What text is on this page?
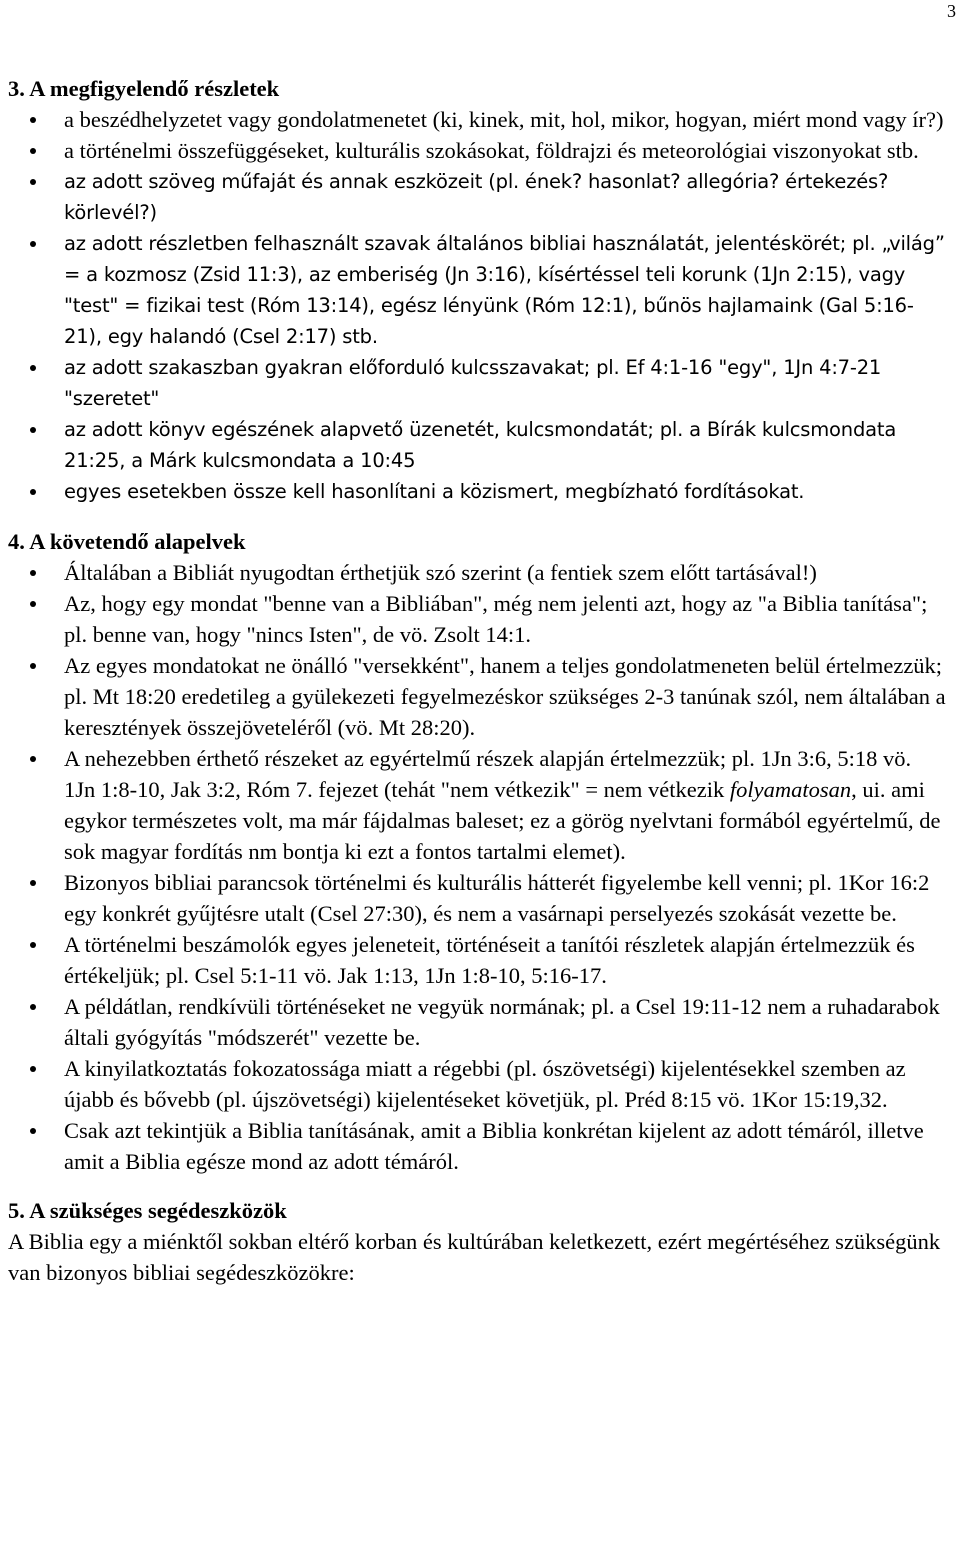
3
3. A megfigyelendő részletek
a beszédhelyzetet vagy gondolatmenetet (ki, kinek, mit, hol, mikor, hogyan, miért mond vagy ír?)
a történelmi összefüggéseket, kulturális szokásokat, földrajzi és meteorológiai viszonyokat stb.
az adott szöveg műfaját és annak eszközeit (pl. ének? hasonlat? allegória? értekezés? körlevél?)
az adott részletben felhasznált szavak általános bibliai használatát, jelentéskörét; pl. „világ” = a kozmosz (Zsid 11:3), az emberiség (Jn 3:16), kísértéssel teli korunk (1Jn 2:15), vagy "test" = fizikai test (Róm 13:14), egész lényünk (Róm 12:1), bűnös hajlamaink (Gal 5:16-21), egy halandó (Csel 2:17) stb.
az adott szakaszban gyakran előforduló kulcsszavakat; pl. Ef 4:1-16 "egy", 1Jn 4:7-21 "szeretet"
az adott könyv egészének alapvető üzenetét, kulcsmondatát; pl. a Bírák kulcsmondata 21:25, a Márk kulcsmondata a 10:45
egyes esetekben össze kell hasonlítani a közismert, megbízható fordításokat.
4. A követendő alapelvek
Általában a Bibliát nyugodtan érthetjük szó szerint (a fentiek szem előtt tartásával!)
Az, hogy egy mondat "benne van a Bibliában", még nem jelenti azt, hogy az "a Biblia tanítása"; pl. benne van, hogy "nincs Isten", de vö. Zsolt 14:1.
Az egyes mondatokat ne önálló "versekként", hanem a teljes gondolatmeneten belül értelmezzük; pl. Mt 18:20 eredetileg a gyülekezeti fegyelmezéskor szükséges 2-3 tanúnak szól, nem általában a keresztények összejöveteléről (vö. Mt 28:20).
A nehezebben érthető részeket az egyértelmű részek alapján értelmezzük; pl. 1Jn 3:6, 5:18 vö. 1Jn 1:8-10, Jak 3:2, Róm 7. fejezet (tehát "nem vétkezik" = nem vétkezik folyamatosan, ui. ami egykor természetes volt, ma már fájdalmas baleset; ez a görög nyelvtani formából egyértelmű, de sok magyar fordítás nm bontja ki ezt a fontos tartalmi elemet).
Bizonyos bibliai parancsok történelmi és kulturális hátterét figyelembe kell venni; pl. 1Kor 16:2 egy konkrét gyűjtésre utalt (Csel 27:30), és nem a vasárnapi perselyezés szokását vezette be.
A történelmi beszámolók egyes jeleneteit, történéseit a tanítói részletek alapján értelmezzük és értékeljük; pl. Csel 5:1-11 vö. Jak 1:13, 1Jn 1:8-10, 5:16-17.
A példátlan, rendkívüli történéseket ne vegyük normának; pl. a Csel 19:11-12 nem a ruhadarabok általi gyógyítás "módszerét" vezette be.
A kinyilatkoztatás fokozatossága miatt a régebbi (pl. ószövetségi) kijelentésekkel szemben az újabb és bővebb (pl. újszövetségi) kijelentéseket követjük, pl. Préd 8:15 vö. 1Kor 15:19,32.
Csak azt tekintjük a Biblia tanításának, amit a Biblia konkrétan kijelent az adott témáról, illetve amit a Biblia egésze mond az adott témáról.
5. A szükséges segédeszközök

A Biblia egy a miénktől sokban eltérő korban és kultúrában keletkezett, ezért megértéséhez szükségünk van bizonyos bibliai segédeszközökre:
